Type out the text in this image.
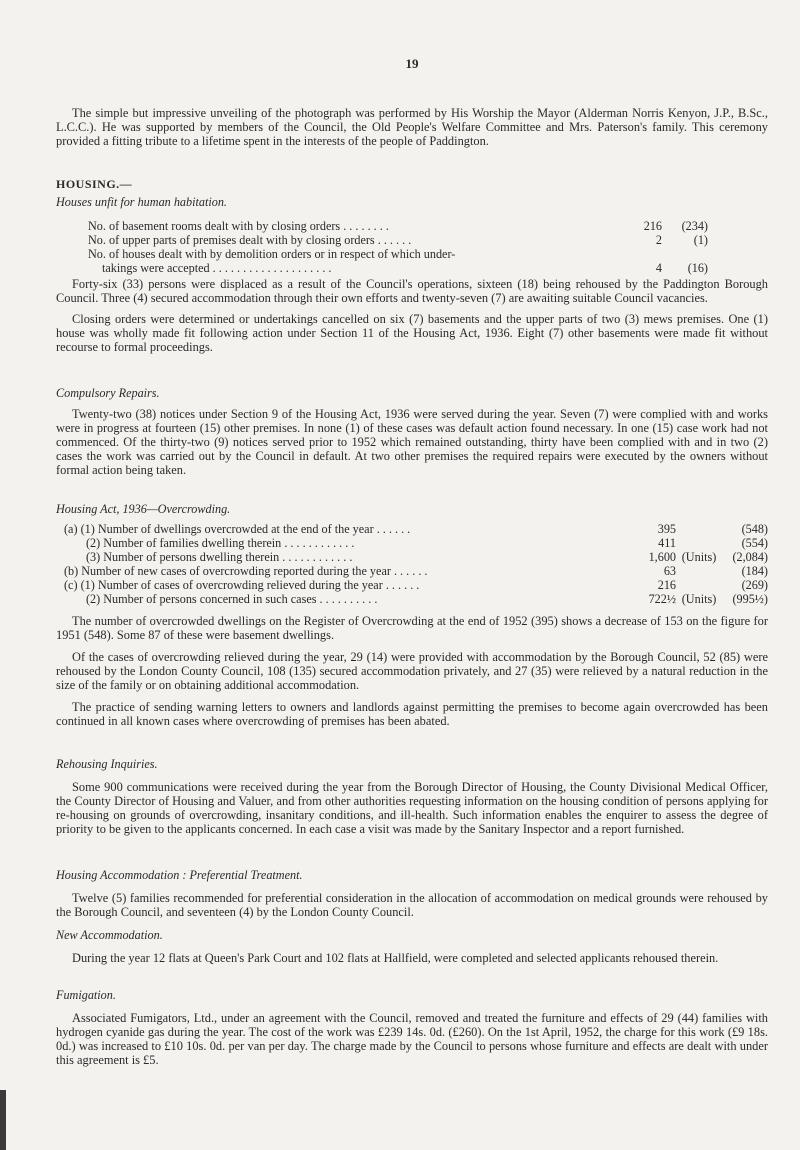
19

The simple but impressive unveiling of the photograph was performed by His Worship the Mayor (Alderman Norris Kenyon, J.P., B.Sc., L.C.C.). He was supported by members of the Council, the Old People's Welfare Committee and Mrs. Paterson's family. This ceremony provided a fitting tribute to a lifetime spent in the interests of the people of Paddington.

HOUSING.—

Houses unfit for human habitation.

No. of basement rooms dealt with by closing orders . . . . . . . .	216	(234)
No. of upper parts of premises dealt with by closing orders . . . . . .	2	(1)
No. of houses dealt with by demolition orders or in respect of which under-
takings were accepted . . . . . . . . . . . . . . . . . . . .	4	(16)

Forty-six (33) persons were displaced as a result of the Council's operations, sixteen (18) being rehoused by the Paddington Borough Council. Three (4) secured accommodation through their own efforts and twenty-seven (7) are awaiting suitable Council vacancies.

Closing orders were determined or undertakings cancelled on six (7) basements and the upper parts of two (3) mews premises. One (1) house was wholly made fit following action under Section 11 of the Housing Act, 1936. Eight (7) other basements were made fit without recourse to formal proceedings.

Compulsory Repairs.

Twenty-two (38) notices under Section 9 of the Housing Act, 1936 were served during the year. Seven (7) were complied with and works were in progress at fourteen (15) other premises. In none (1) of these cases was default action found necessary. In one (15) case work had not commenced. Of the thirty-two (9) notices served prior to 1952 which remained outstanding, thirty have been complied with and in two (2) cases the work was carried out by the Council in default. At two other premises the required repairs were executed by the owners without formal action being taken.

Housing Act, 1936—Overcrowding.

(a) (1) Number of dwellings overcrowded at the end of the year . . . . . .	395	(548)
(2) Number of families dwelling therein . . . . . . . . . . . .	411	(554)
(3) Number of persons dwelling therein . . . . . . . . . . . .	1,600 (Units)	(2,084)
(b) Number of new cases of overcrowding reported during the year . . . . . .	63	(184)
(c) (1) Number of cases of overcrowding relieved during the year . . . . . .	216	(269)
(2) Number of persons concerned in such cases . . . . . . . . . .	722½ (Units)	(995½)

The number of overcrowded dwellings on the Register of Overcrowding at the end of 1952 (395) shows a decrease of 153 on the figure for 1951 (548). Some 87 of these were basement dwellings.

Of the cases of overcrowding relieved during the year, 29 (14) were provided with accommodation by the Borough Council, 52 (85) were rehoused by the London County Council, 108 (135) secured accommodation privately, and 27 (35) were relieved by a natural reduction in the size of the family or on obtaining additional accommodation.

The practice of sending warning letters to owners and landlords against permitting the premises to become again overcrowded has been continued in all known cases where overcrowding of premises has been abated.

Rehousing Inquiries.

Some 900 communications were received during the year from the Borough Director of Housing, the County Divisional Medical Officer, the County Director of Housing and Valuer, and from other authorities requesting information on the housing condition of persons applying for re-housing on grounds of overcrowding, insanitary conditions, and ill-health. Such information enables the enquirer to assess the degree of priority to be given to the applicants concerned. In each case a visit was made by the Sanitary Inspector and a report furnished.

Housing Accommodation : Preferential Treatment.

Twelve (5) families recommended for preferential consideration in the allocation of accommodation on medical grounds were rehoused by the Borough Council, and seventeen (4) by the London County Council.

New Accommodation.

During the year 12 flats at Queen's Park Court and 102 flats at Hallfield, were completed and selected applicants rehoused therein.

Fumigation.

Associated Fumigators, Ltd., under an agreement with the Council, removed and treated the furniture and effects of 29 (44) families with hydrogen cyanide gas during the year. The cost of the work was £239 14s. 0d. (£260). On the 1st April, 1952, the charge for this work (£9 18s. 0d.) was increased to £10 10s. 0d. per van per day. The charge made by the Council to persons whose furniture and effects are dealt with under this agreement is £5.
